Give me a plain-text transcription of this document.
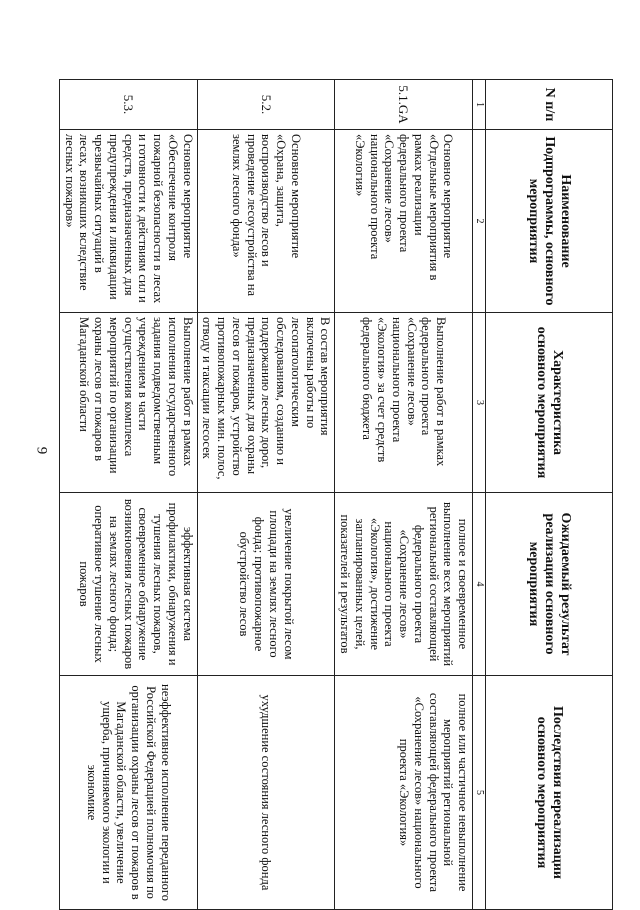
9
N п/п	Наименование Подпрограммы, основного мероприятия	Характеристика основного мероприятия	Ожидаемый результат реализации основного мероприятия	Последствия нереализации основного мероприятия
1	2	3	4	5
5.1.GA	Основное мероприятие «Отдельные мероприятия в рамках реализации федерального проекта «Сохранение лесов» национального проекта «Экология»	Выполнение работ в рамках федерального проекта «Сохранение лесов» национального проекта «Экология» за счет средств федерального бюджета	полное и своевременное выполнение всех мероприятий региональной составляющей федерального проекта «Сохранение лесов» национального проекта «Экология», достижение запланированных целей, показателей и результатов	полное или частичное невыполнение мероприятий региональной составляющей федерального проекта «Сохранение лесов» национального проекта «Экология»
5.2.	Основное мероприятие «Охрана, защита, воспроизводство лесов и проведение лесоустройства на землях лесного фонда»	В состав мероприятия включены работы по лесопатологическим обследованиям, созданию и поддержанию лесных дорог, предназначенных для охраны лесов от пожаров, устройство противопожарных мин. полос, отводу и таксации лесосек	увеличение покрытой лесом площади на землях лесного фонда; противопожарное обустройство лесов	ухудшение состояния лесного фонда
5.3.	Основное мероприятие «Обеспечение контроля пожарной безопасности в лесах и готовности к действиям сил и средств, предназначенных для предупреждения и ликвидации чрезвычайных ситуаций в лесах, возникших вследствие лесных пожаров»	Выполнение работ в рамках исполнения государственного задания подведомственным учреждением в части осуществления комплекса мероприятий по организации охраны лесов от пожаров в Магаданской области	эффективная система профилактики, обнаружения и тушения лесных пожаров, своевременное обнаружение возникновения лесных пожаров на землях лесного фонда; оперативное тушение лесных пожаров	неэффективное исполнение переданного Российской Федерацией полномочия по организации охраны лесов от пожаров в Магаданской области, увеличение ущерба, причиняемого экологии и экономике
